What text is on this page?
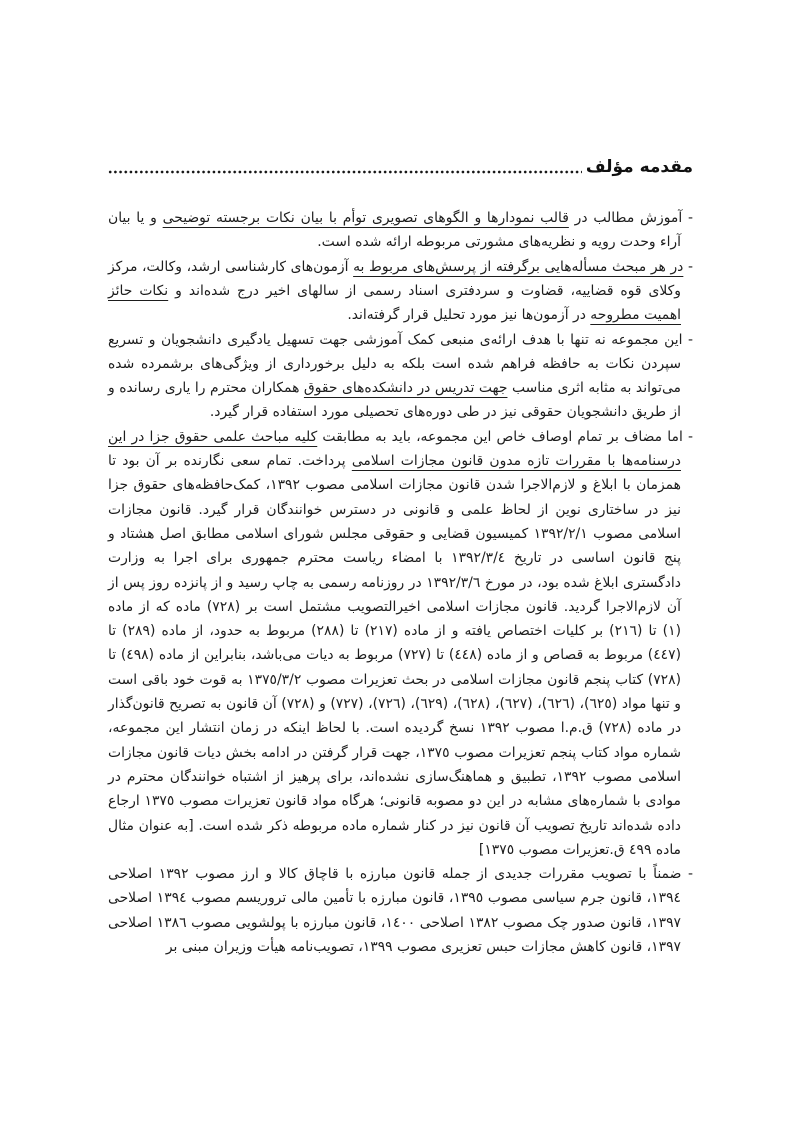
مقدمه مؤلف

- آموزش مطالب در قالب نمودارها و الگوهای تصویری توأم با بیان نکات برجسته توضیحی و یا بیان آراء وحدت رویه و نظریه‌های مشورتی مربوطه ارائه شده است.

- در هر مبحث مسأله‌هایی برگرفته از پرسش‌های مربوط به آزمون‌های کارشناسی ارشد، وکالت، مرکز وکلای قوه قضاییه، قضاوت و سردفتری اسناد رسمی از سالهای اخیر درج شده‌اند و نکات حائز اهمیت مطروحه در آزمون‌ها نیز مورد تحلیل قرار گرفته‌اند.

- این مجموعه نه تنها با هدف ارائه‌ی منبعی کمک آموزشی جهت تسهیل یادگیری دانشجویان و تسریع سپردن نکات به حافظه فراهم شده است بلکه به دلیل برخورداری از ویژگی‌های برشمرده شده می‌تواند به مثابه اثری مناسب جهت تدریس در دانشکده‌های حقوق همکاران محترم را یاری رسانده و از طریق دانشجویان حقوقی نیز در طی دوره‌های تحصیلی مورد استفاده قرار گیرد.

- اما مضاف بر تمام اوصاف خاص این مجموعه، باید به مطابقت کلیه مباحث علمی حقوق جزا در این درسنامه‌ها با مقررات تازه مدون قانون مجازات اسلامی پرداخت. تمام سعی نگارنده بر آن بود تا همزمان با ابلاغ و لازم‌الاجرا شدن قانون مجازات اسلامی مصوب ١٣٩٢، کمک‌حافظه‌های حقوق جزا نیز در ساختاری نوین از لحاظ علمی و قانونی در دسترس خوانندگان قرار گیرد. قانون مجازات اسلامی مصوب ١٣٩٢/٢/١ کمیسیون قضایی و حقوقی مجلس شورای اسلامی مطابق اصل هشتاد و پنج قانون اساسی در تاریخ ١٣٩٢/٣/٤ با امضاء ریاست محترم جمهوری برای اجرا به وزارت دادگستری ابلاغ شده بود، در مورخ ١٣٩٢/٣/٦ در روزنامه رسمی به چاپ رسید و از پانزده روز پس از آن لازم‌الاجرا گردید. قانون مجازات اسلامی اخیرالتصویب مشتمل است بر (٧٢٨) ماده که از ماده (١) تا (٢١٦) بر کلیات اختصاص یافته و از ماده (٢١٧) تا (٢٨٨) مربوط به حدود، از ماده (٢٨٩) تا (٤٤٧) مربوط به قصاص و از ماده (٤٤٨) تا (٧٢٧) مربوط به دیات می‌باشد، بنابراین از ماده (٤٩٨) تا (٧٢٨) کتاب پنجم قانون مجازات اسلامی در بحث تعزیرات مصوب ١٣٧٥/٣/٢ به قوت خود باقی است و تنها مواد (٦٢٥)، (٦٢٦)، (٦٢٧)، (٦٢٨)، (٦٢٩)، (٧٢٦)، (٧٢٧) و (٧٢٨) آن قانون به تصریح قانون‌گذار در ماده (٧٢٨) ق.م.ا مصوب ١٣٩٢ نسخ گردیده است. با لحاظ اینکه در زمان انتشار این مجموعه، شماره مواد کتاب پنجم تعزیرات مصوب ١٣٧٥، جهت قرار گرفتن در ادامه بخش دیات قانون مجازات اسلامی مصوب ١٣٩٢، تطبیق و هماهنگ‌سازی نشده‌اند، برای پرهیز از اشتباه خوانندگان محترم در موادی با شماره‌های مشابه در این دو مصوبه قانونی؛ هرگاه مواد قانون تعزیرات مصوب ١٣٧٥ ارجاع داده شده‌اند تاریخ تصویب آن قانون نیز در کنار شماره ماده مربوطه ذکر شده است. [به عنوان مثال ماده ٤٩٩ ق.تعزیرات مصوب ١٣٧٥]

- ضمناً با تصویب مقررات جدیدی از جمله قانون مبارزه با قاچاق کالا و ارز مصوب ١٣٩٢ اصلاحی ١٣٩٤، قانون جرم سیاسی مصوب ١٣٩٥، قانون مبارزه با تأمین مالی تروریسم مصوب ١٣٩٤ اصلاحی ١٣٩٧، قانون صدور چک مصوب ١٣٨٢ اصلاحی ١٤٠٠، قانون مبارزه با پولشویی مصوب ١٣٨٦ اصلاحی ١٣٩٧، قانون کاهش مجازات حبس تعزیری مصوب ١٣٩٩، تصویب‌نامه هیأت وزیران مبنی بر
